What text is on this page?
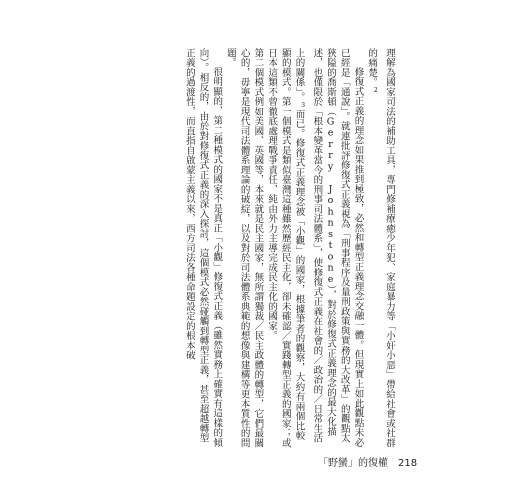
理解為國家司法的補助工具，專門修補療癒少年犯、家庭暴力等「小奸小惡」帶給社會或社群的痛楚。$^2$

修復式正義的理念如果推到極致，必然和轉型正義理念交融一體。但現實上如此觀點未必已經是「通說」。就連批評修復式正義視為「刑事程序及量刑政策與實務的大改革」的觀點太狹隘的喬斯頓（Gerry Johnstone），對於修復式正義理念的最大化描述，也僅限於「根本變革當今的刑事司法體系」，使修復式正義在社會的／政治的／日常生活上的關係」。$^3$而已。修復式正義理念被「小觀」的國家，根據筆者的觀察，大約有兩個比較顯的模式。第一個模式是類似臺灣這種雖然歷經民主化，卻未確認／實踐轉型正義的國家；或日本這類不曾徹底處理戰爭責任，純由外力主導完成民主化的國家。

第二個模式例如美國、英國等，本來就是民主國家，無所謂獨裁／民主政體的轉型，它們最關心的，毋寧是現代司法體系理論的破綻，以及對於司法體系典範的想像與建構等更本質性的問題。

很明顯的，第二種模式的國家不是真正「小觀」修復式正義（雖然實務上確實有這樣的傾向）。相反的，由於對修復式正義的深入探討，這個模式必然碰觸到轉型正義，甚至超越轉型正義的過渡性，而直指自啟蒙主義以來，西方司法各種命題設定的根本破

「野蠻」的復權 218
